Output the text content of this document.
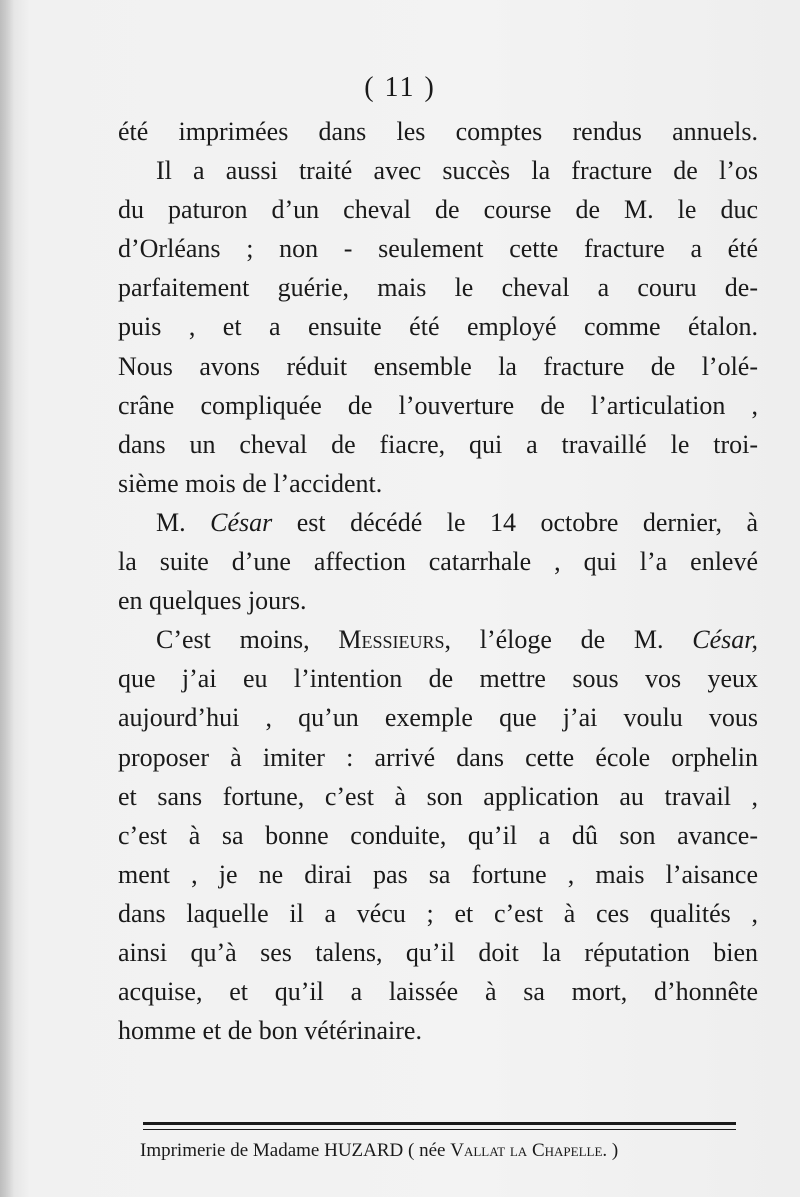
( 11 )
été imprimées dans les comptes rendus annuels.
Il a aussi traité avec succès la fracture de l’os
du paturon d’un cheval de course de M. le duc
d’Orléans ; non - seulement cette fracture a été
parfaitement guérie, mais le cheval a couru de-
puis , et a ensuite été employé comme étalon.
Nous avons réduit ensemble la fracture de l’olé-
crâne compliquée de l’ouverture de l’articulation ,
dans un cheval de fiacre, qui a travaillé le troi-
sième mois de l’accident.
M. César est décédé le 14 octobre dernier, à
la suite d’une affection catarrhale , qui l’a enlevé
en quelques jours.
C’est moins, Messieurs, l’éloge de M. César,
que j’ai eu l’intention de mettre sous vos yeux
aujourd’hui , qu’un exemple que j’ai voulu vous
proposer à imiter : arrivé dans cette école orphelin
et sans fortune, c’est à son application au travail ,
c’est à sa bonne conduite, qu’il a dû son avance-
ment , je ne dirai pas sa fortune , mais l’aisance
dans laquelle il a vécu ; et c’est à ces qualités ,
ainsi qu’à ses talens, qu’il doit la réputation bien
acquise, et qu’il a laissée à sa mort, d’honnête
homme et de bon vétérinaire.
Imprimerie de Madame HUZARD ( née Vallat la Chapelle. )
